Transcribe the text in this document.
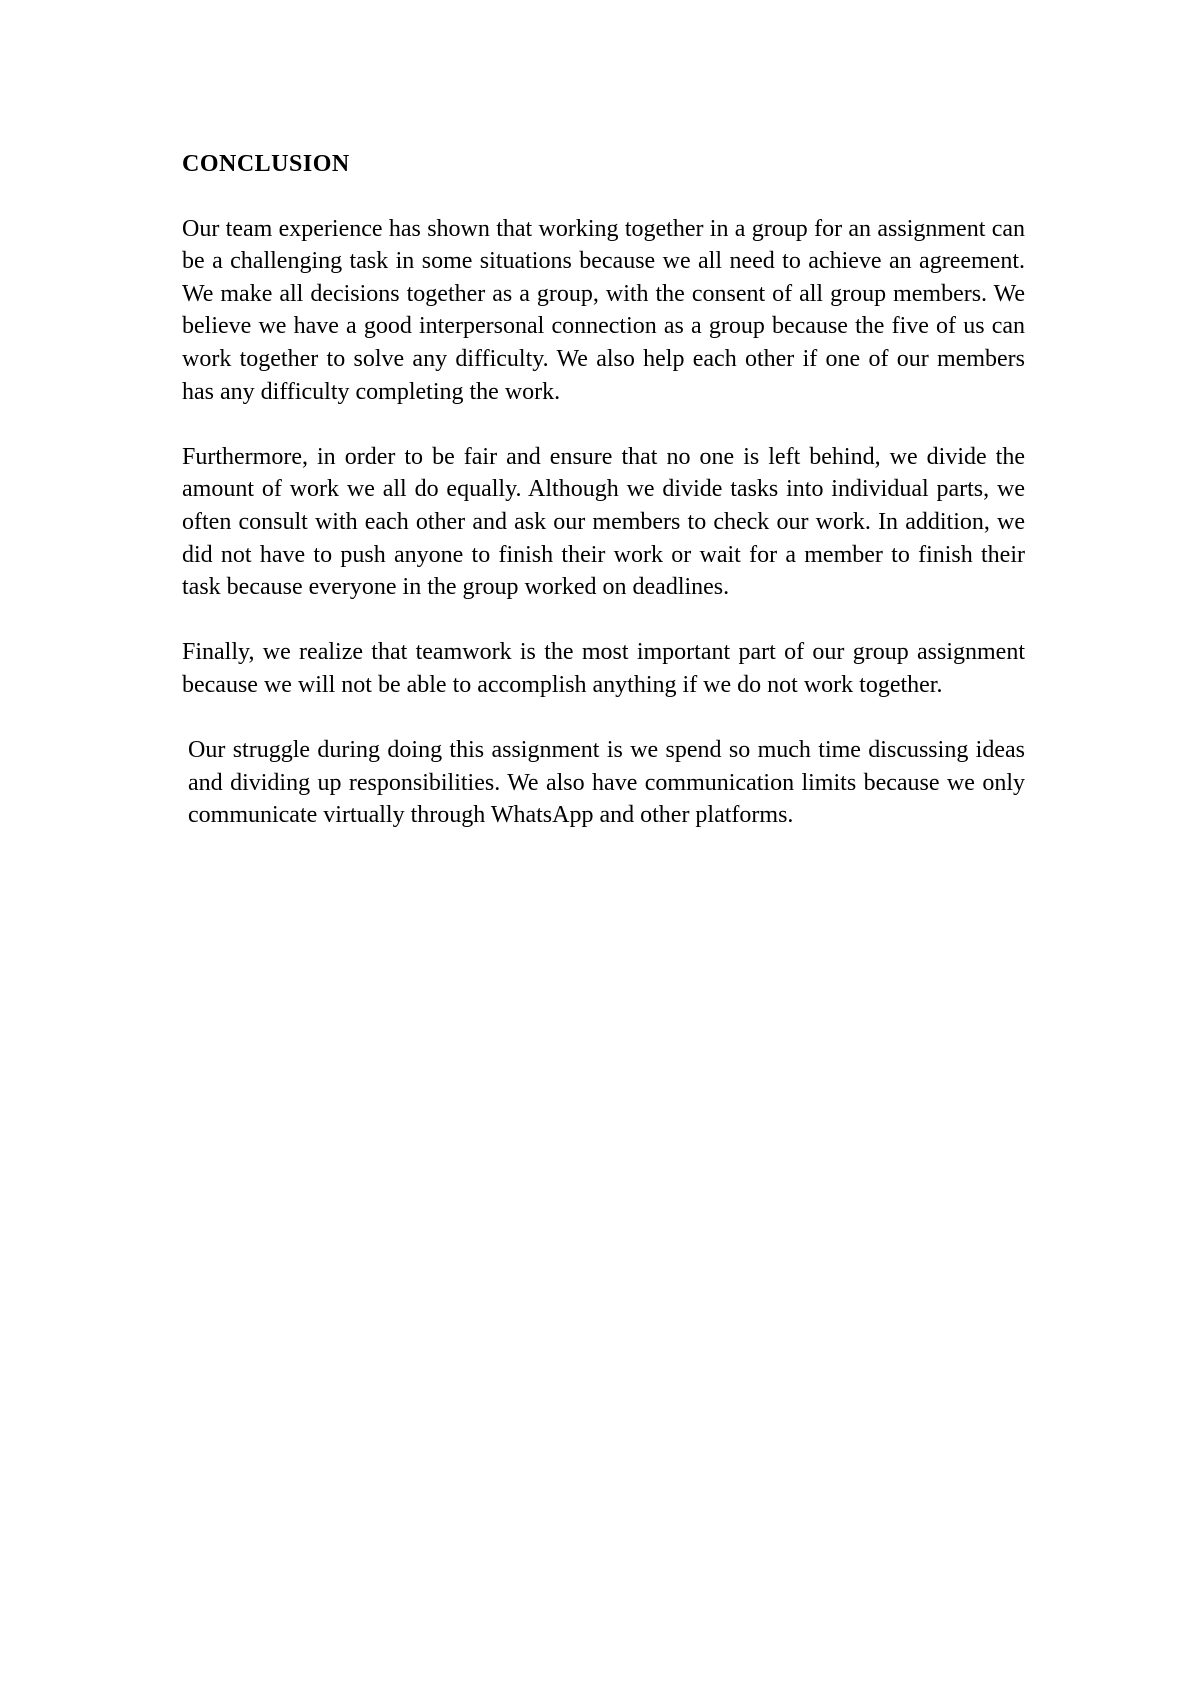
CONCLUSION

Our team experience has shown that working together in a group for an assignment can be a challenging task in some situations because we all need to achieve an agreement. We make all decisions together as a group, with the consent of all group members. We believe we have a good interpersonal connection as a group because the five of us can work together to solve any difficulty. We also help each other if one of our members has any difficulty completing the work.

Furthermore, in order to be fair and ensure that no one is left behind, we divide the amount of work we all do equally. Although we divide tasks into individual parts, we often consult with each other and ask our members to check our work. In addition, we did not have to push anyone to finish their work or wait for a member to finish their task because everyone in the group worked on deadlines.

Finally, we realize that teamwork is the most important part of our group assignment because we will not be able to accomplish anything if we do not work together.

Our struggle during doing this assignment is we spend so much time discussing ideas and dividing up responsibilities. We also have communication limits because we only communicate virtually through WhatsApp and other platforms.
